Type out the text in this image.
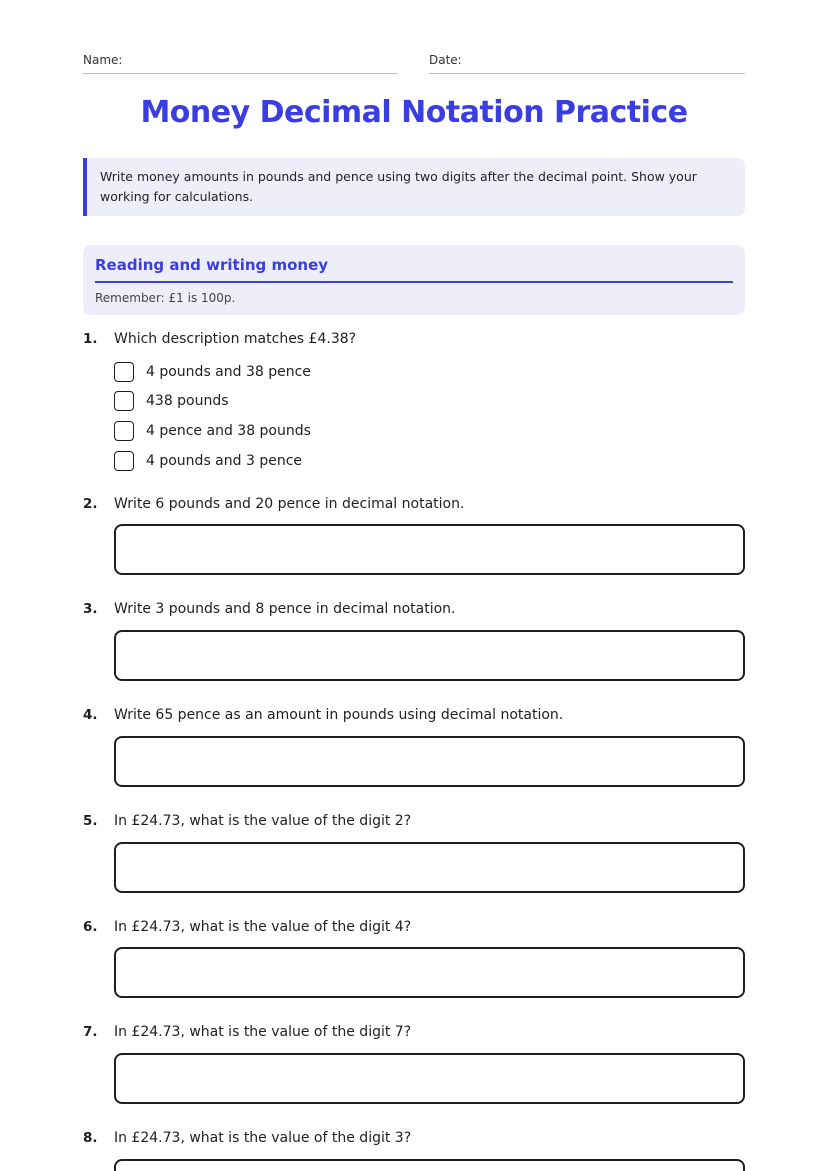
Name:	Date:
Money Decimal Notation Practice
Write money amounts in pounds and pence using two digits after the decimal point. Show your working for calculations.
Reading and writing money
Remember: £1 is 100p.
1. Which description matches £4.38?
4 pounds and 38 pence
438 pounds
4 pence and 38 pounds
4 pounds and 3 pence
2. Write 6 pounds and 20 pence in decimal notation.
3. Write 3 pounds and 8 pence in decimal notation.
4. Write 65 pence as an amount in pounds using decimal notation.
5. In £24.73, what is the value of the digit 2?
6. In £24.73, what is the value of the digit 4?
7. In £24.73, what is the value of the digit 7?
8. In £24.73, what is the value of the digit 3?
